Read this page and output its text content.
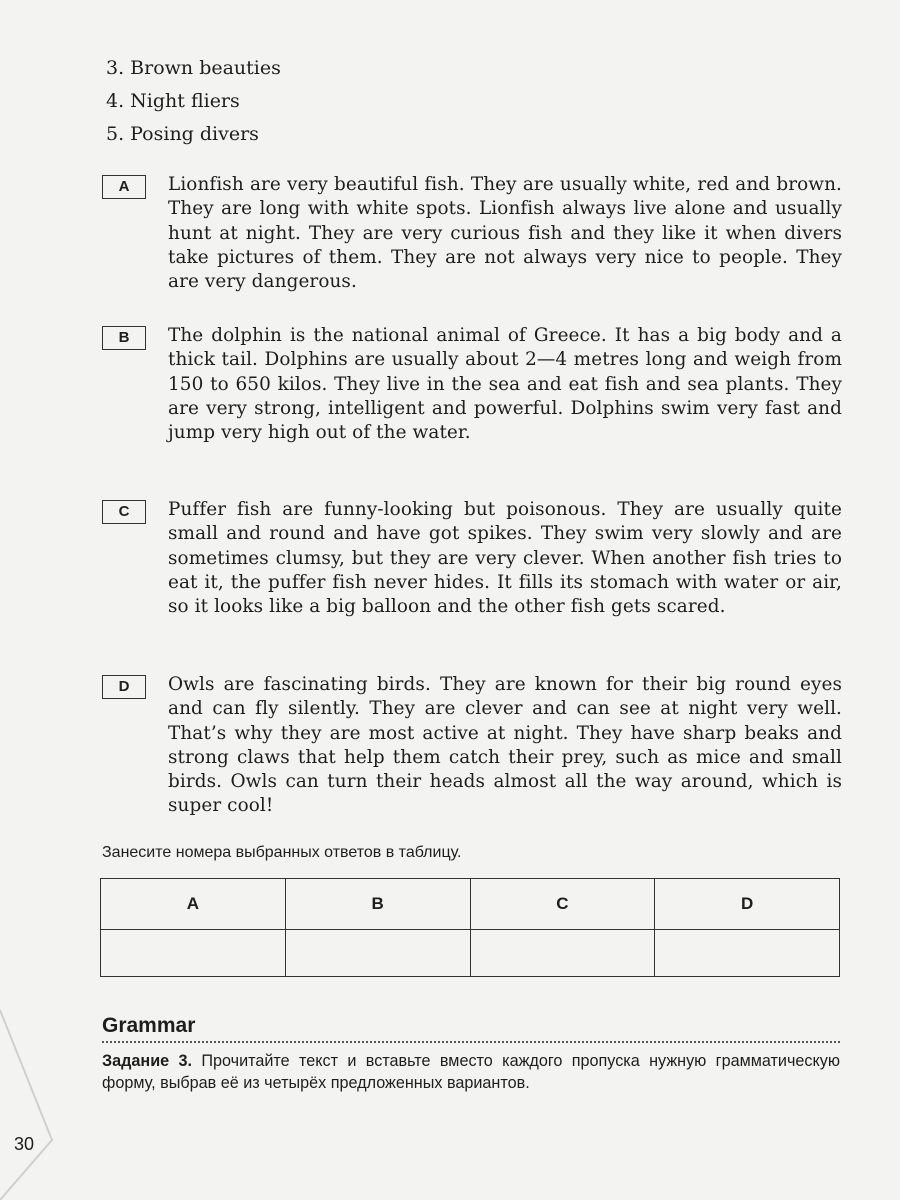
3. Brown beauties
4. Night fliers
5. Posing divers
A	Lionfish are very beautiful fish. They are usually white, red and brown. They are long with white spots. Lionfish always live alone and usually hunt at night. They are very curious fish and they like it when divers take pictures of them. They are not always very nice to people. They are very dangerous.
B	The dolphin is the national animal of Greece. It has a big body and a thick tail. Dolphins are usually about 2—4 metres long and weigh from 150 to 650 kilos. They live in the sea and eat fish and sea plants. They are very strong, intelligent and powerful. Dolphins swim very fast and jump very high out of the water.
C	Puffer fish are funny-looking but poisonous. They are usually quite small and round and have got spikes. They swim very slowly and are sometimes clumsy, but they are very clever. When another fish tries to eat it, the puffer fish never hides. It fills its stomach with water or air, so it looks like a big balloon and the other fish gets scared.
D	Owls are fascinating birds. They are known for their big round eyes and can fly silently. They are clever and can see at night very well. That’s why they are most active at night. They have sharp beaks and strong claws that help them catch their prey, such as mice and small birds. Owls can turn their heads almost all the way around, which is super cool!
Занесите номера выбранных ответов в таблицу.
A	B	C	D

Grammar
Задание 3. Прочитайте текст и вставьте вместо каждого пропуска нужную грамматическую форму, выбрав её из четырёх предложенных вариантов.
30
